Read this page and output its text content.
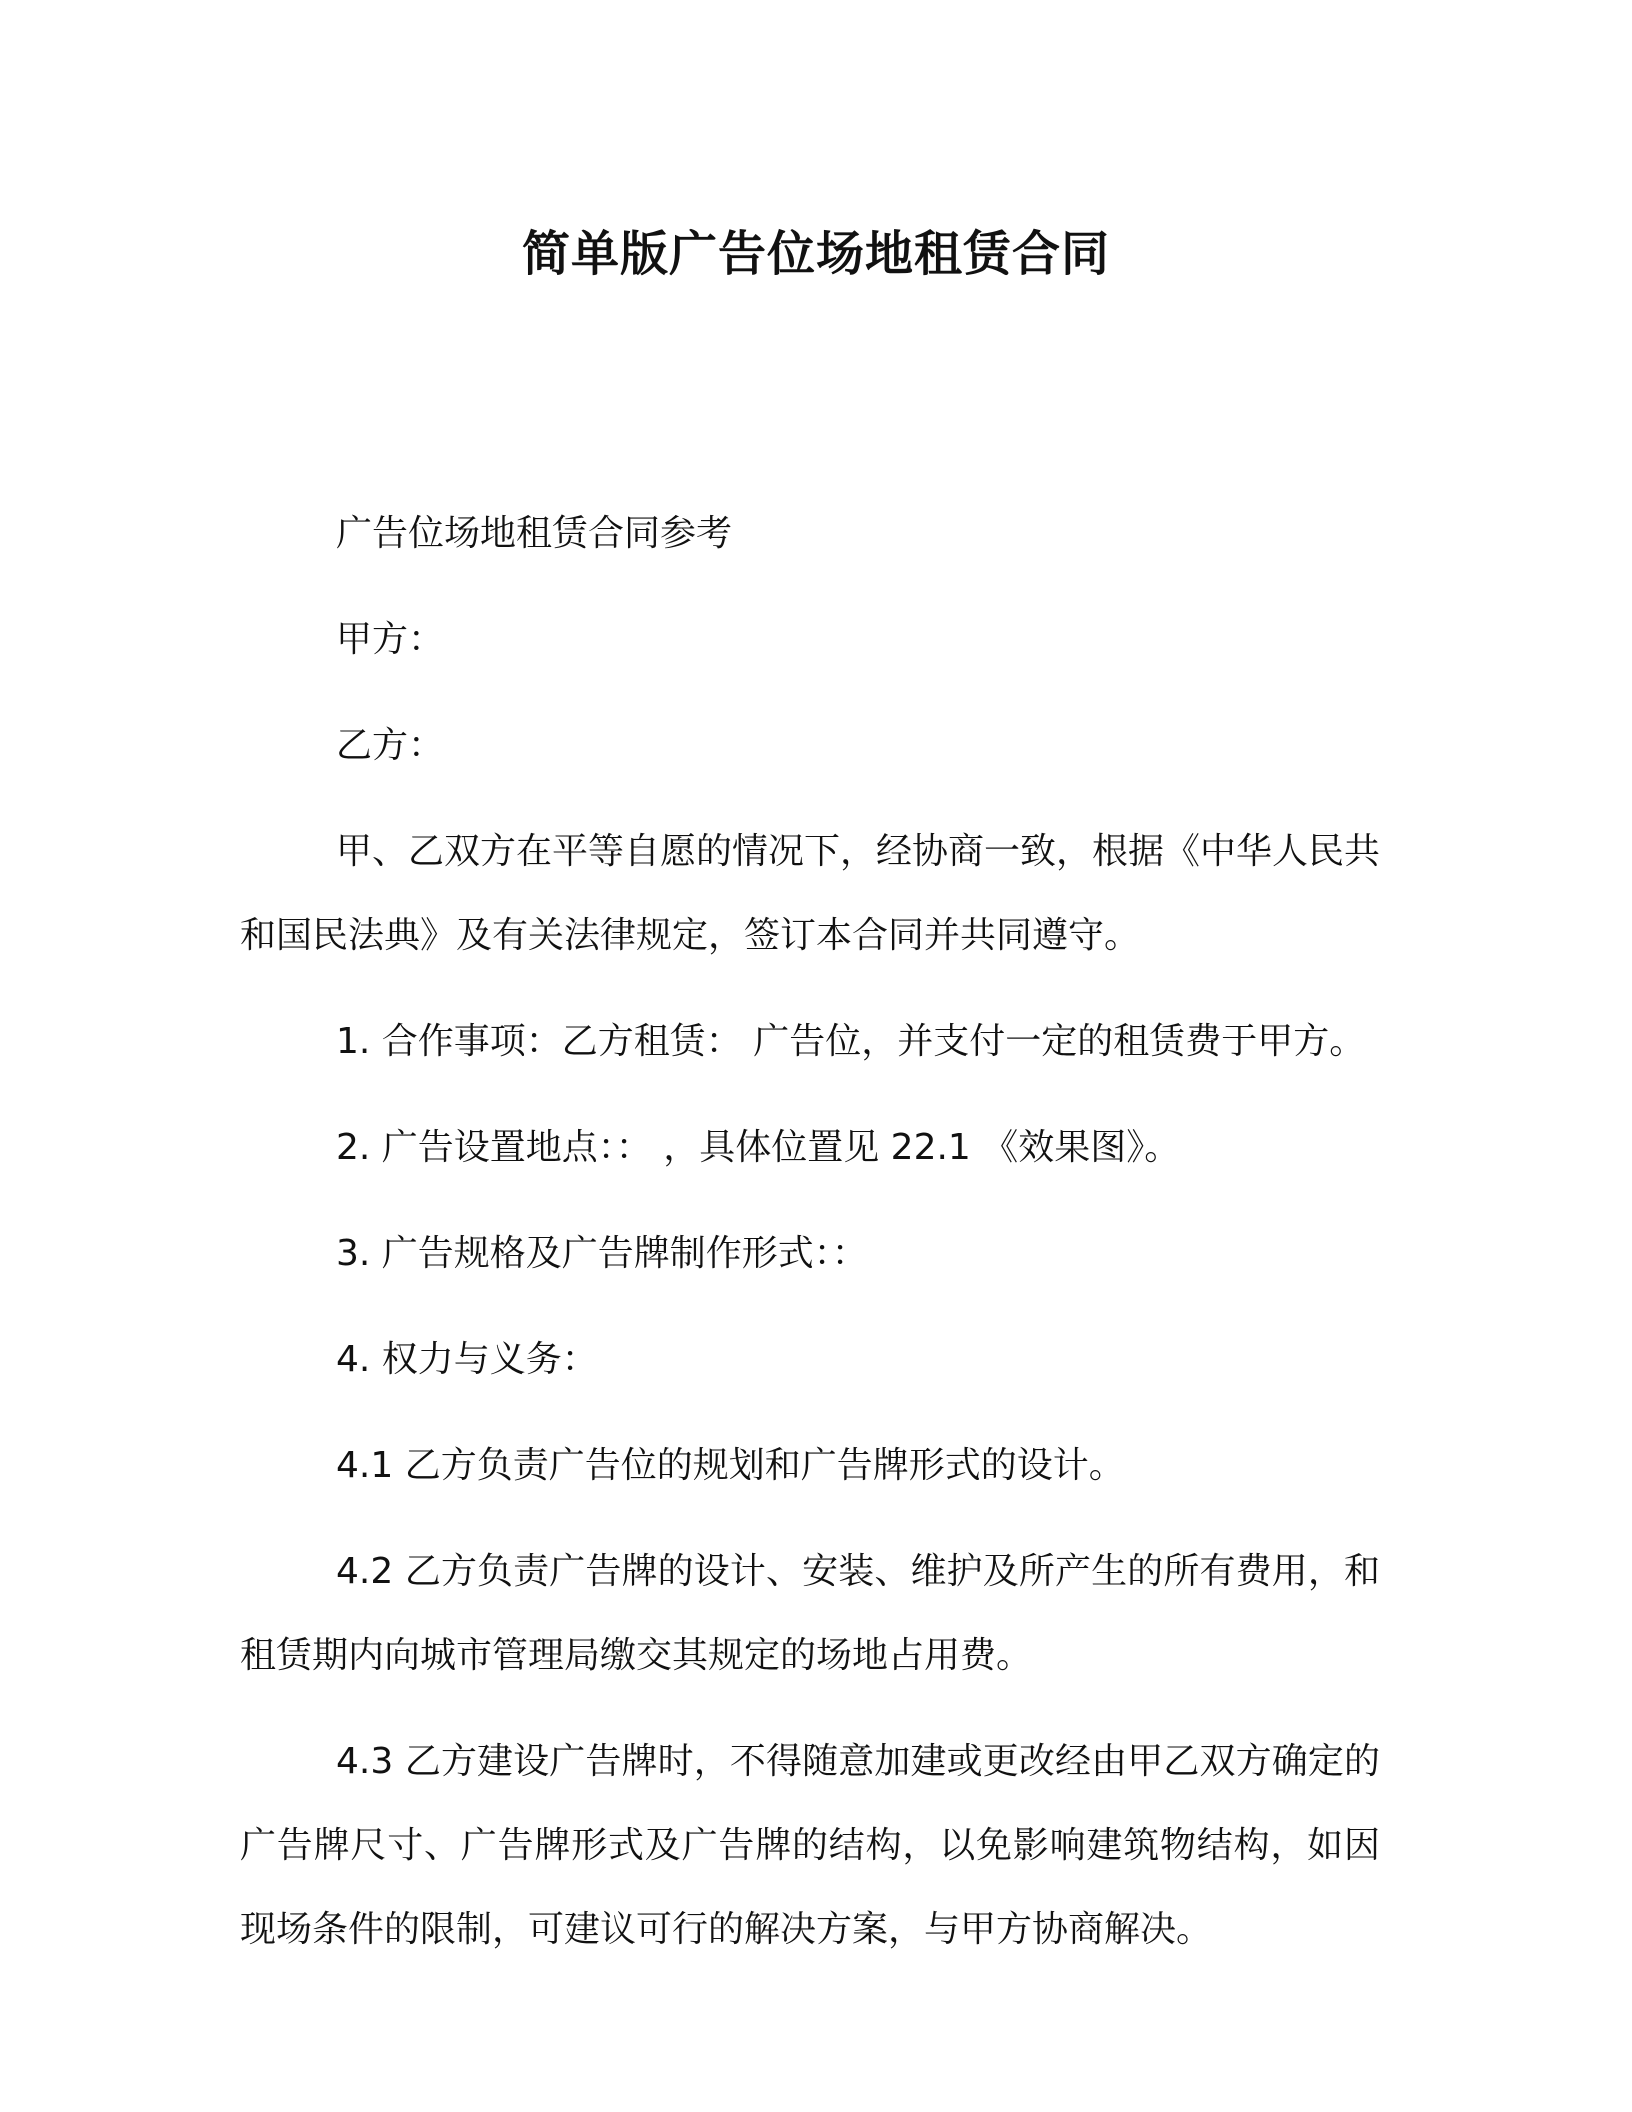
简单版广告位场地租赁合同

广告位场地租赁合同参考

甲方：

乙方：

甲、乙双方在平等自愿的情况下，经协商一致，根据《中华人民共和国民法典》及有关法律规定，签订本合同并共同遵守。

1. 合作事项：乙方租赁： 广告位，并支付一定的租赁费于甲方。

2. 广告设置地点：： ，具体位置见 22.1 《效果图》。

3. 广告规格及广告牌制作形式：：

4. 权力与义务：

4.1 乙方负责广告位的规划和广告牌形式的设计。

4.2 乙方负责广告牌的设计、安装、维护及所产生的所有费用，和租赁期内向城市管理局缴交其规定的场地占用费。

4.3 乙方建设广告牌时，不得随意加建或更改经由甲乙双方确定的广告牌尺寸、广告牌形式及广告牌的结构，以免影响建筑物结构，如因现场条件的限制，可建议可行的解决方案，与甲方协商解决。
